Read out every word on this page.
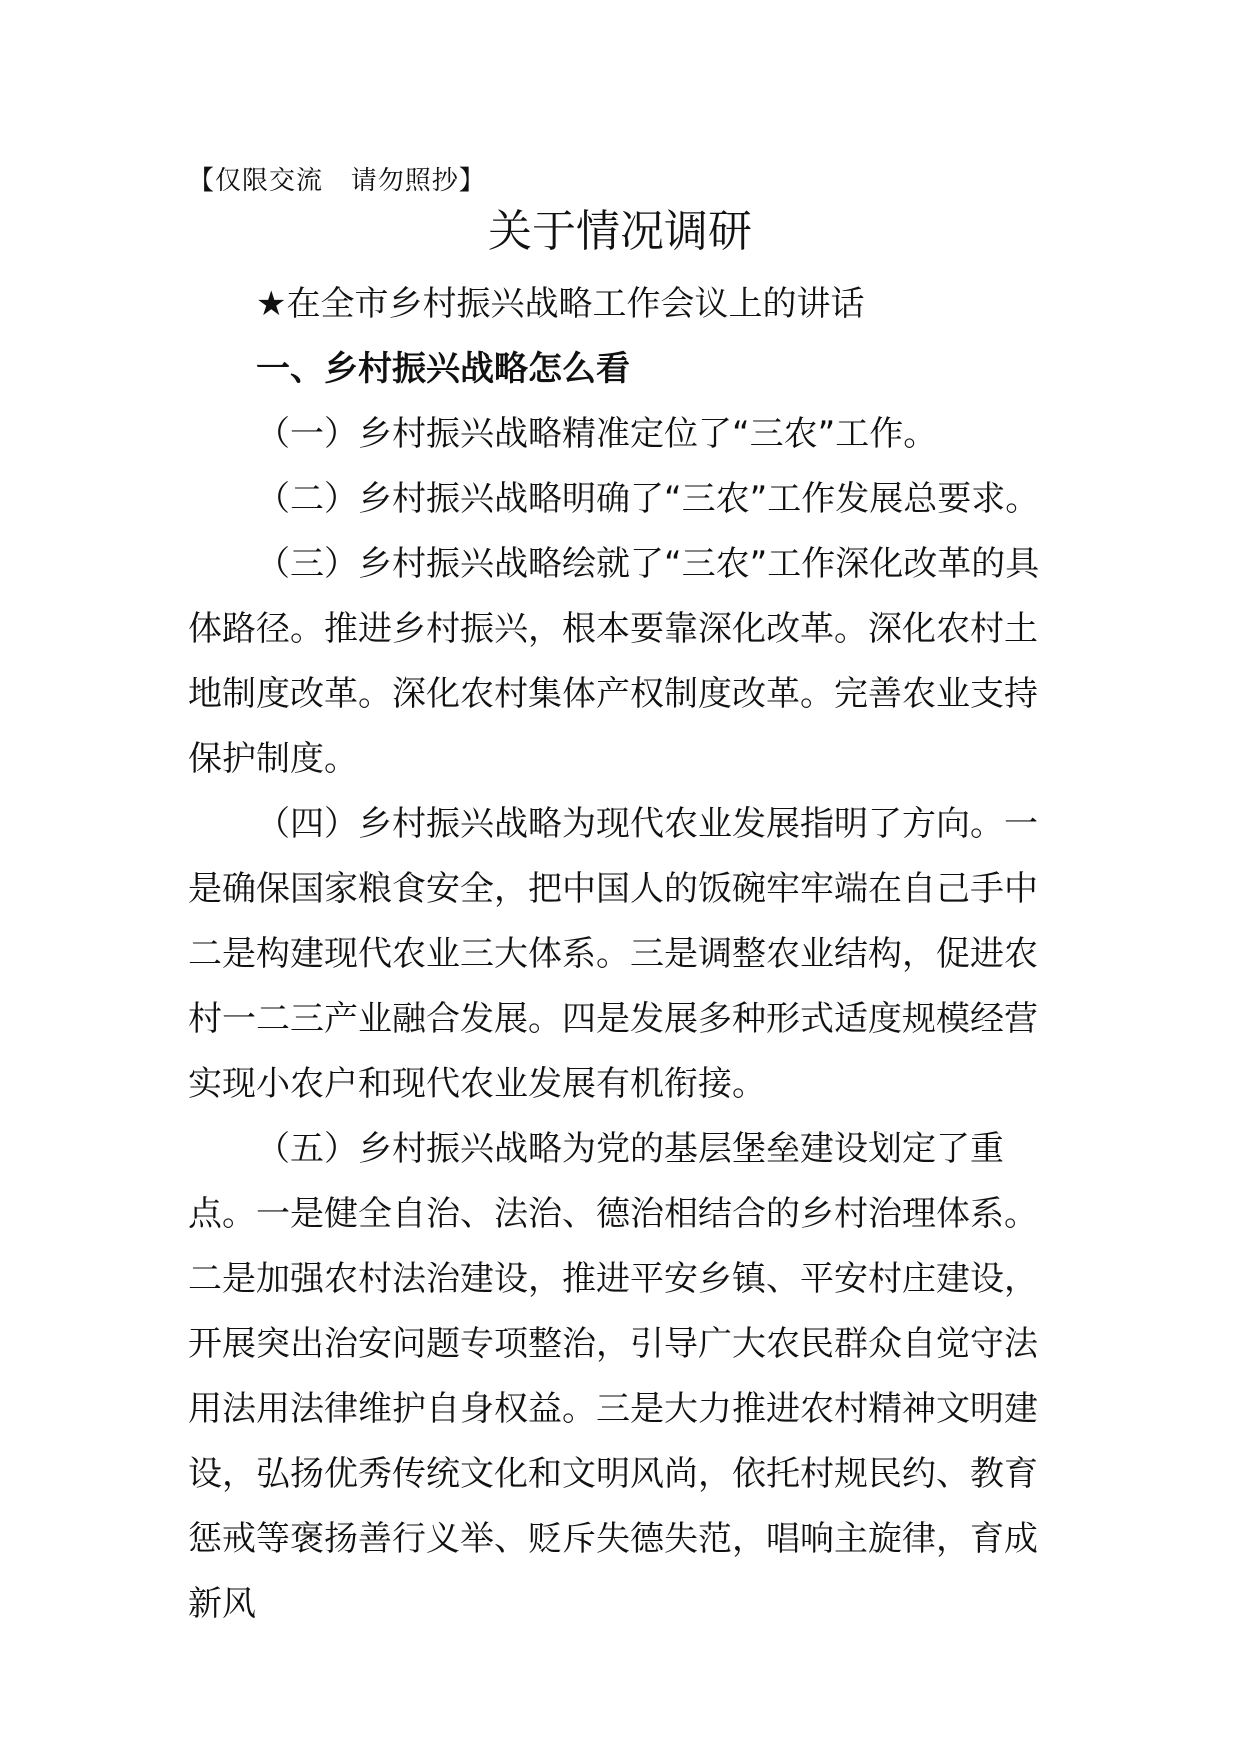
【仅限交流   请勿照抄】
关于情况调研

★在全市乡村振兴战略工作会议上的讲话

一、乡村振兴战略怎么看

（一）乡村振兴战略精准定位了“三农”工作。

（二）乡村振兴战略明确了“三农”工作发展总要求。

（三）乡村振兴战略绘就了“三农”工作深化改革的具体路径。推进乡村振兴，根本要靠深化改革。深化农村土地制度改革。深化农村集体产权制度改革。完善农业支持保护制度。

（四）乡村振兴战略为现代农业发展指明了方向。一是确保国家粮食安全，把中国人的饭碗牢牢端在自己手中二是构建现代农业三大体系。三是调整农业结构，促进农村一二三产业融合发展。四是发展多种形式适度规模经营实现小农户和现代农业发展有机衔接。

（五）乡村振兴战略为党的基层堡垒建设划定了重点。一是健全自治、法治、德治相结合的乡村治理体系。二是加强农村法治建设，推进平安乡镇、平安村庄建设，开展突出治安问题专项整治，引导广大农民群众自觉守法用法用法律维护自身权益。三是大力推进农村精神文明建设，弘扬优秀传统文化和文明风尚，依托村规民约、教育惩戒等褒扬善行义举、贬斥失德失范，唱响主旋律，育成新风
